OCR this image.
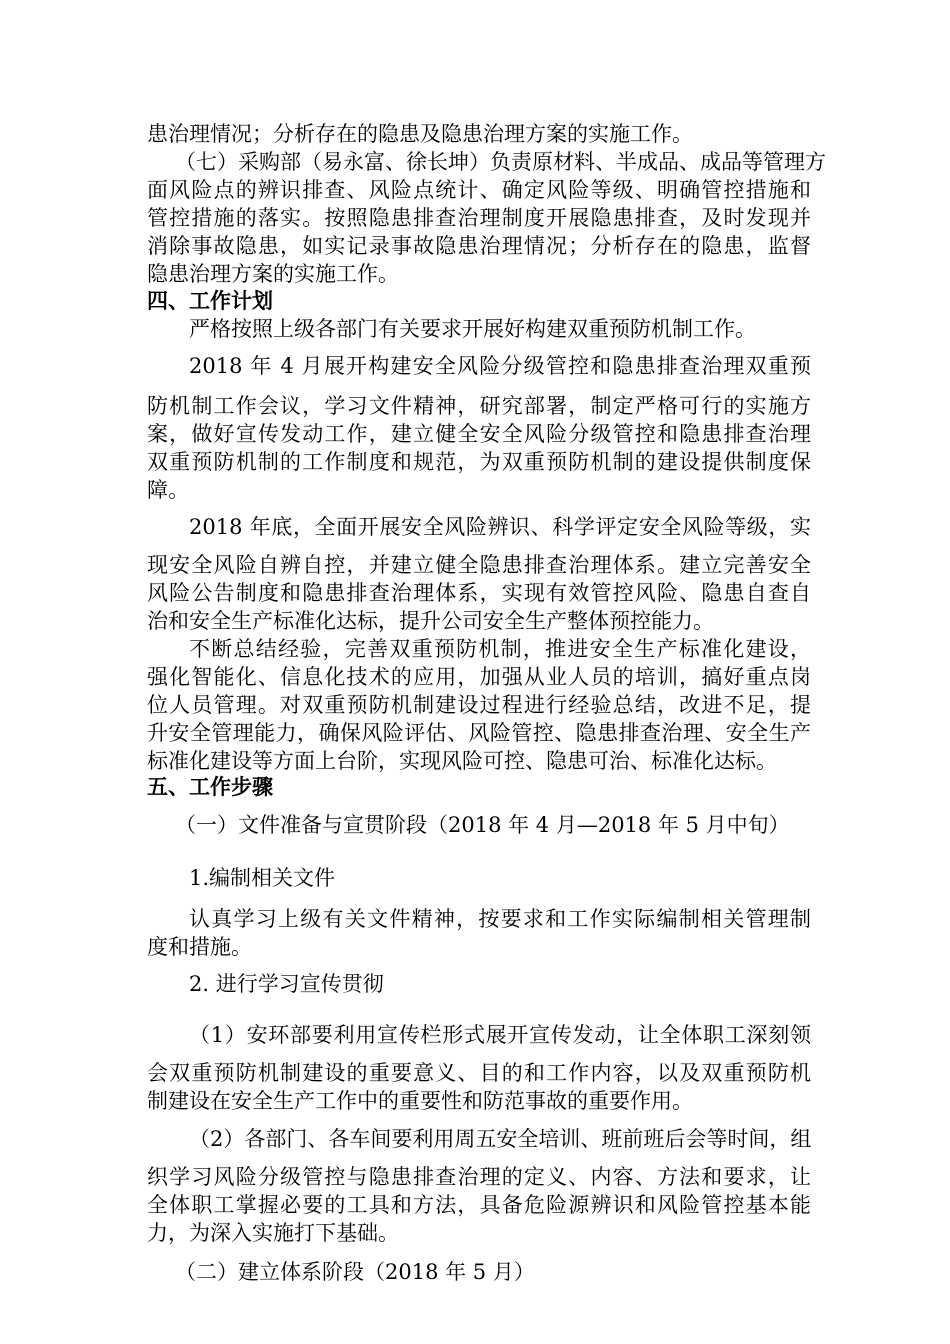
患治理情况；分析存在的隐患及隐患治理方案的实施工作。
（七）采购部（易永富、徐长坤）负责原材料、半成品、成品等管理方
面风险点的辨识排查、风险点统计、确定风险等级、明确管控措施和
管控措施的落实。按照隐患排查治理制度开展隐患排查，及时发现并
消除事故隐患，如实记录事故隐患治理情况；分析存在的隐患，监督
隐患治理方案的实施工作。
四、工作计划
严格按照上级各部门有关要求开展好构建双重预防机制工作。
2018 年 4 月展开构建安全风险分级管控和隐患排查治理双重预
防机制工作会议，学习文件精神，研究部署，制定严格可行的实施方
案，做好宣传发动工作，建立健全安全风险分级管控和隐患排查治理
双重预防机制的工作制度和规范，为双重预防机制的建设提供制度保
障。
2018 年底，全面开展安全风险辨识、科学评定安全风险等级，实
现安全风险自辨自控，并建立健全隐患排查治理体系。建立完善安全
风险公告制度和隐患排查治理体系，实现有效管控风险、隐患自查自
治和安全生产标准化达标，提升公司安全生产整体预控能力。
不断总结经验，完善双重预防机制，推进安全生产标准化建设，
强化智能化、信息化技术的应用，加强从业人员的培训，搞好重点岗
位人员管理。对双重预防机制建设过程进行经验总结，改进不足，提
升安全管理能力，确保风险评估、风险管控、隐患排查治理、安全生产
标准化建设等方面上台阶，实现风险可控、隐患可治、标准化达标。
五、工作步骤
（一）文件准备与宣贯阶段（2018 年 4 月—2018 年 5 月中旬）
1.编制相关文件
认真学习上级有关文件精神，按要求和工作实际编制相关管理制
度和措施。
2. 进行学习宣传贯彻
（1）安环部要利用宣传栏形式展开宣传发动，让全体职工深刻领
会双重预防机制建设的重要意义、目的和工作内容，以及双重预防机
制建设在安全生产工作中的重要性和防范事故的重要作用。
（2）各部门、各车间要利用周五安全培训、班前班后会等时间，组
织学习风险分级管控与隐患排查治理的定义、内容、方法和要求，让
全体职工掌握必要的工具和方法，具备危险源辨识和风险管控基本能
力，为深入实施打下基础。
（二）建立体系阶段（2018 年 5 月）
